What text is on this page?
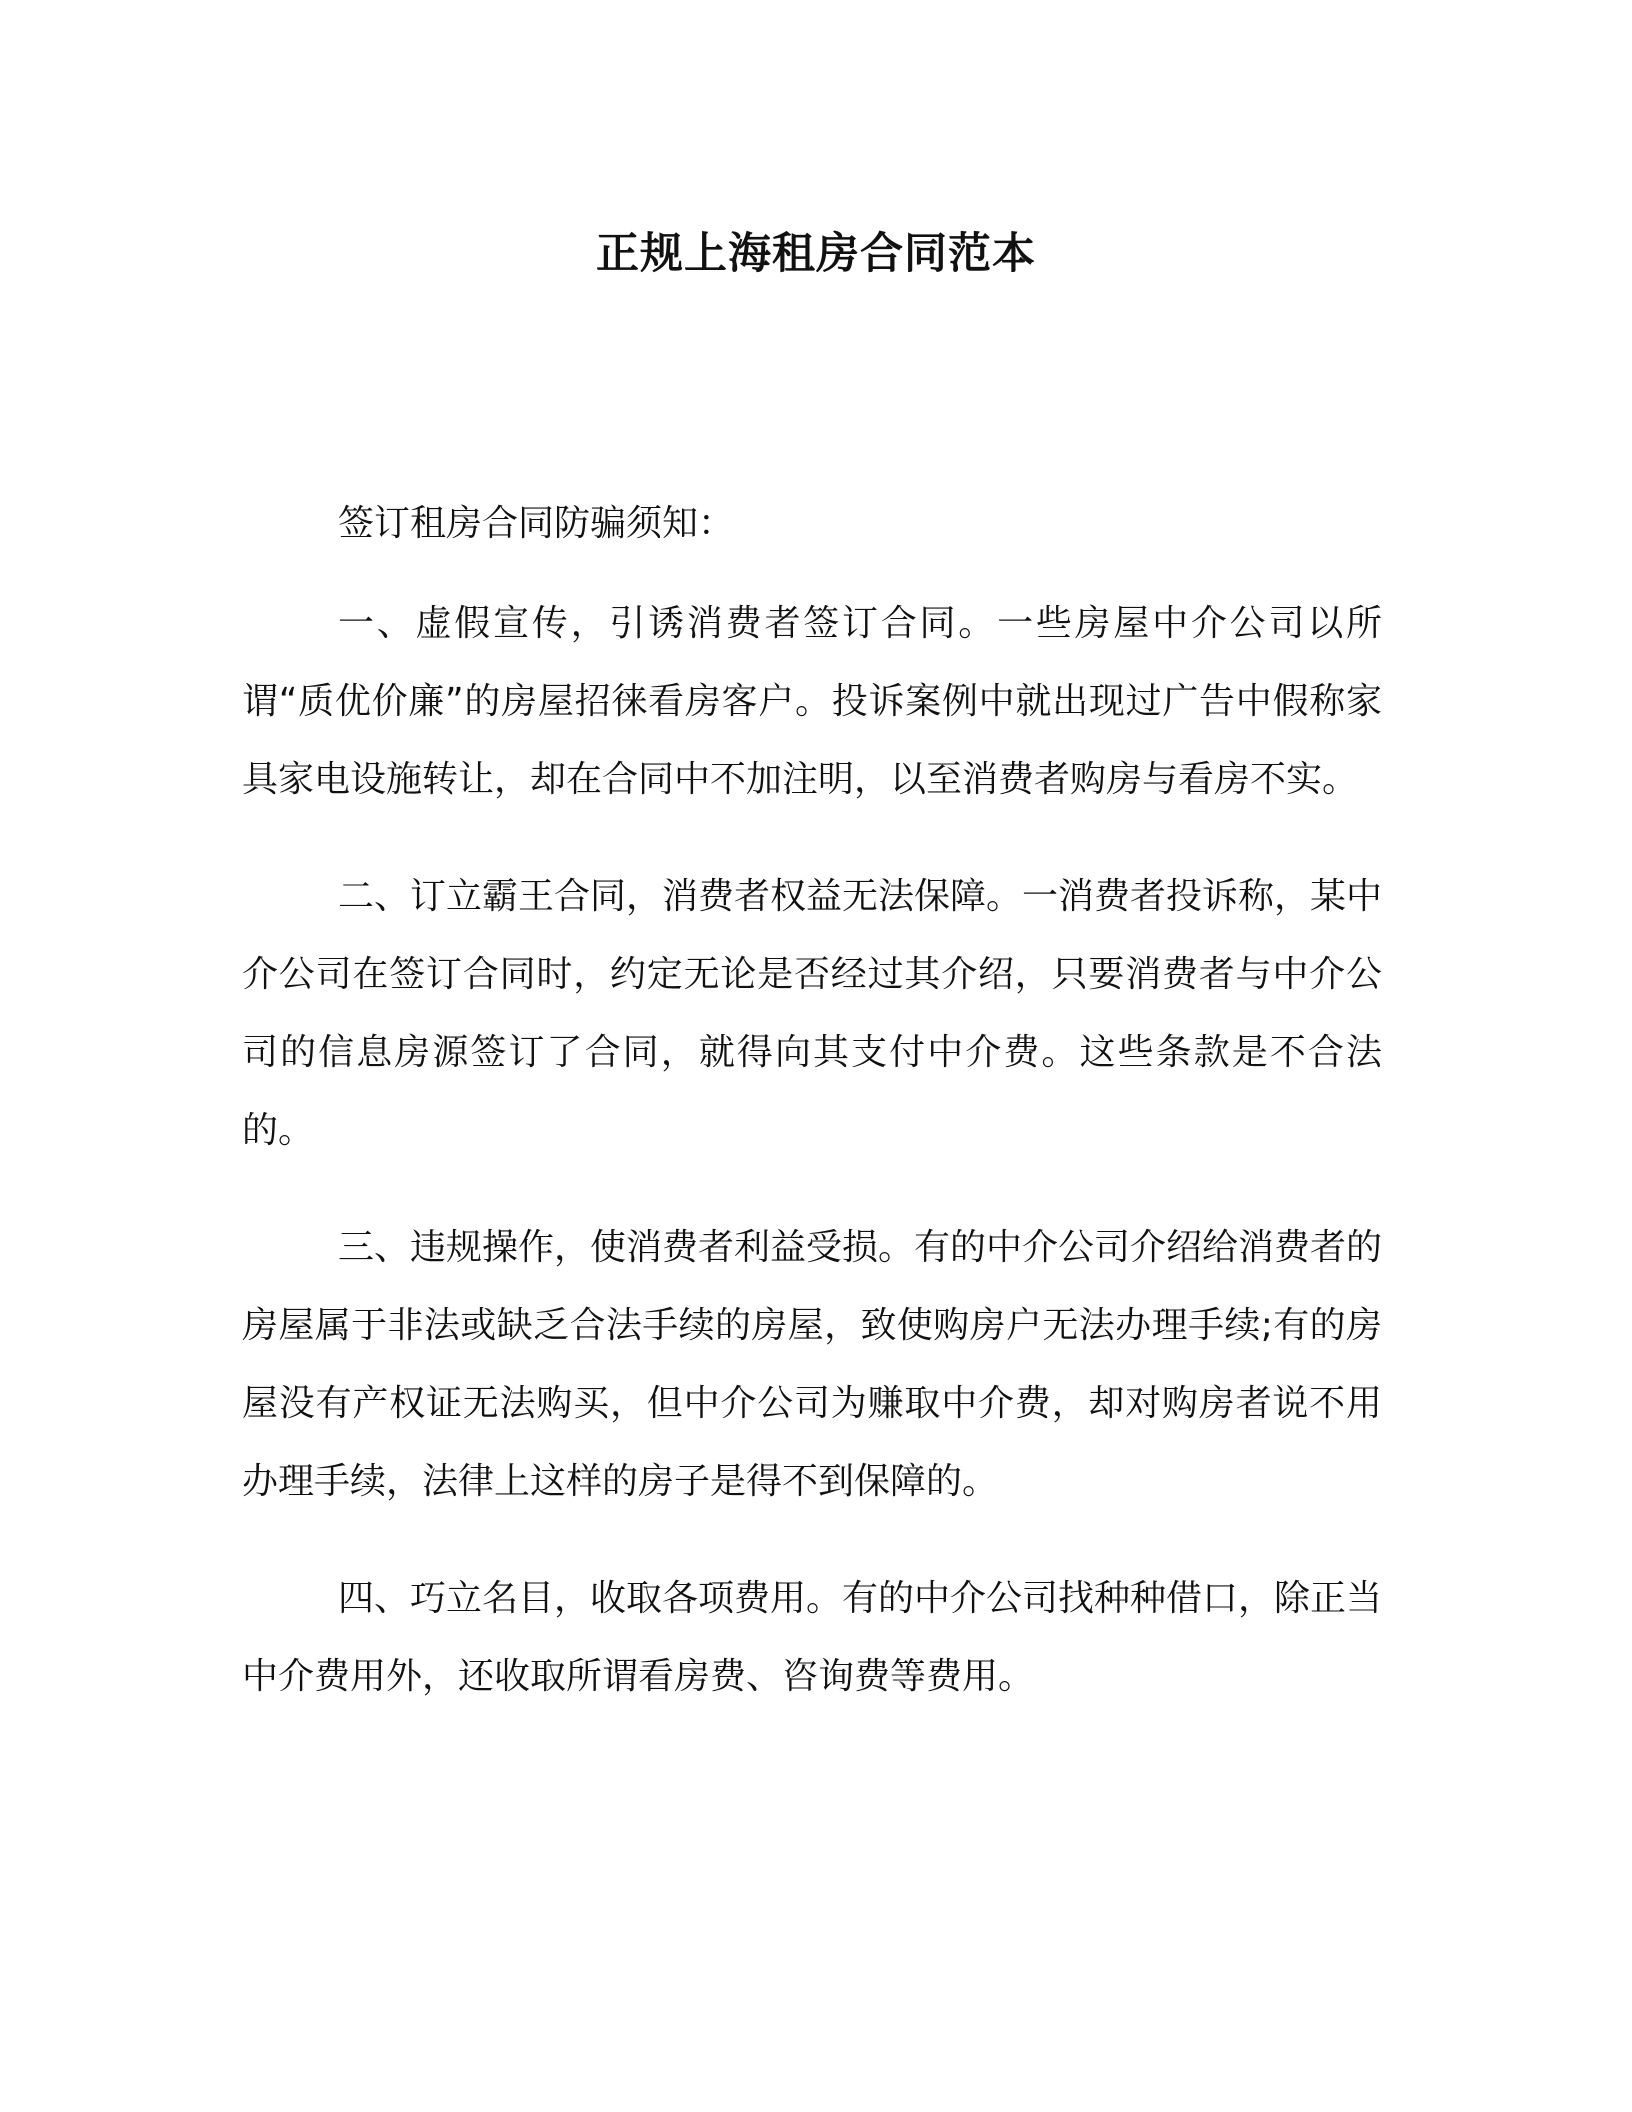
正规上海租房合同范本

签订租房合同防骗须知：

一、虚假宣传，引诱消费者签订合同。一些房屋中介公司以所谓“质优价廉”的房屋招徕看房客户。投诉案例中就出现过广告中假称家具家电设施转让，却在合同中不加注明，以至消费者购房与看房不实。

二、订立霸王合同，消费者权益无法保障。一消费者投诉称，某中介公司在签订合同时，约定无论是否经过其介绍，只要消费者与中介公司的信息房源签订了合同，就得向其支付中介费。这些条款是不合法的。

三、违规操作，使消费者利益受损。有的中介公司介绍给消费者的房屋属于非法或缺乏合法手续的房屋，致使购房户无法办理手续;有的房屋没有产权证无法购买，但中介公司为赚取中介费，却对购房者说不用办理手续，法律上这样的房子是得不到保障的。

四、巧立名目，收取各项费用。有的中介公司找种种借口，除正当中介费用外，还收取所谓看房费、咨询费等费用。
